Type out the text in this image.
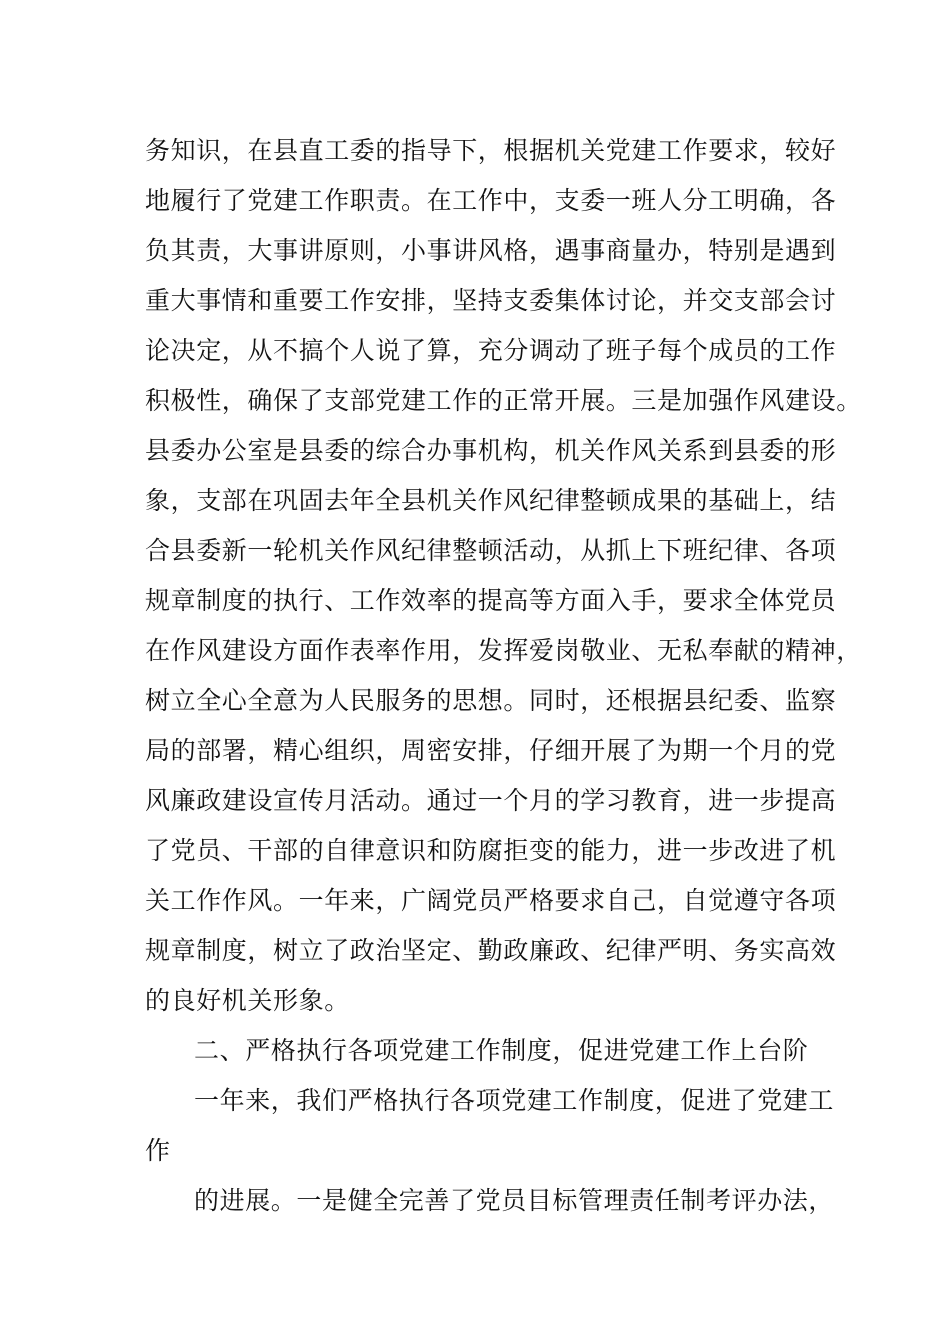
务知识，在县直工委的指导下，根据机关党建工作要求，较好
地履行了党建工作职责。在工作中，支委一班人分工明确，各
负其责，大事讲原则，小事讲风格，遇事商量办，特别是遇到
重大事情和重要工作安排，坚持支委集体讨论，并交支部会讨
论决定，从不搞个人说了算，充分调动了班子每个成员的工作
积极性，确保了支部党建工作的正常开展。三是加强作风建设。
县委办公室是县委的综合办事机构，机关作风关系到县委的形
象，支部在巩固去年全县机关作风纪律整顿成果的基础上，结
合县委新一轮机关作风纪律整顿活动，从抓上下班纪律、各项
规章制度的执行、工作效率的提高等方面入手，要求全体党员
在作风建设方面作表率作用，发挥爱岗敬业、无私奉献的精神，
树立全心全意为人民服务的思想。同时，还根据县纪委、监察
局的部署，精心组织，周密安排，仔细开展了为期一个月的党
风廉政建设宣传月活动。通过一个月的学习教育，进一步提高
了党员、干部的自律意识和防腐拒变的能力，进一步改进了机
关工作作风。一年来，广阔党员严格要求自己，自觉遵守各项
规章制度，树立了政治坚定、勤政廉政、纪律严明、务实高效
的良好机关形象。
二、严格执行各项党建工作制度，促进党建工作上台阶
一年来，我们严格执行各项党建工作制度，促进了党建工
作
的进展。一是健全完善了党员目标管理责任制考评办法，
